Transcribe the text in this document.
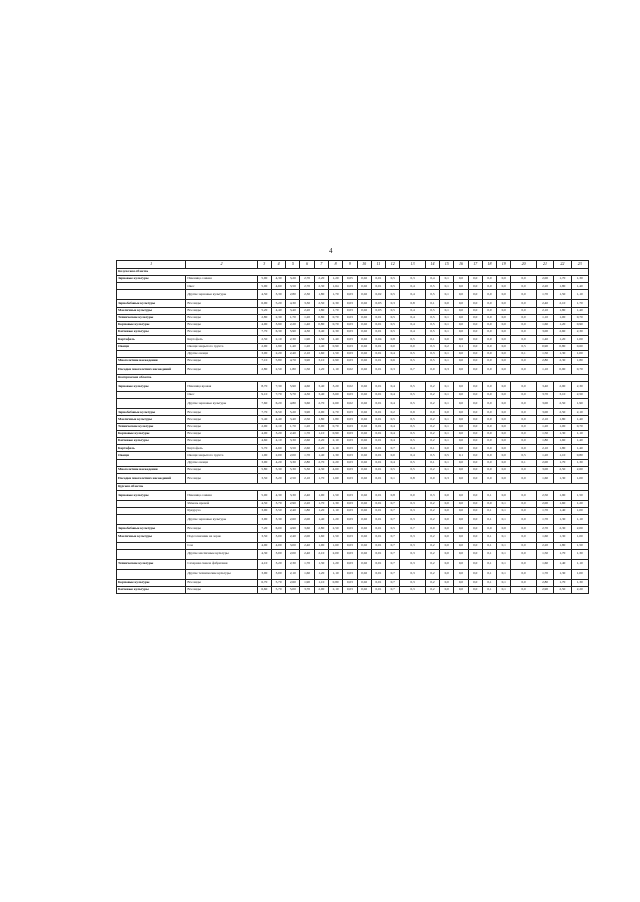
4
1	2	3	4	5	6	7	8	9	10	11	12	13	14	15	16	17	18	19	20	21	22	23
Калужская область																						
Зерновые культуры	Пшеница озимая	5,90	4,30	3,20	2,70	2,20	1,20	0,05	0,02	0,01	0,5	0,3	0,4	0,1	0,0	0,0	0,0	0,0	0,0	2,00	1,70	1,30
	Овес	5,90	4,60	3,50	2,70	2,30	1,64	0,03	0,02	0,01	0,5	0,4	0,5	0,1	0,0	0,0	0,0	0,0	0,0	2,20	1,80	1,40
	Другие зерновые культуры	4,50	3,30	2,80	2,30	1,80	1,70	0,03	0,02	0,02	0,5	0,4	0,5	0,1	0,0	0,0	0,0	0,0	0,0	1,70	1,50	1,10
Зернобобовые культуры	Все виды	6,90	5,20	4,30	3,30	2,50	2,30	0,03	0,02	0,03	0,3	0,8	0,1	0,0	0,0	0,0	0,0	0,0	0,0	2,40	2,10	1,70
Масличные культуры	Все виды	5,20	4,40	3,40	2,20	1,80	1,70	0,03	0,02	0,03	0,5	0,4	0,5	0,1	0,0	0,0	0,0	0,0	0,0	2,10	1,80	1,40
Технические культуры	Все виды	2,80	2,30	1,70	1,20	0,80	0,70	0,03	0,02	0,01	0,5	0,4	0,5	0,1	0,0	0,0	0,0	0,0	0,0	1,10	1,00	0,70
Кормовые культуры	Все виды	4,90	3,90	2,20	1,40	0,80	0,70	0,03	0,02	0,01	0,5	0,4	0,5	0,1	0,0	0,0	0,0	0,0	0,0	1,60	1,20	0,90
Бахчевые культуры	Все виды	7,70	6,30	5,90	4,30	3,40	2,30	0,03	0,02	0,01	0,5	0,4	0,5	0,1	0,0	0,0	0,0	0,0	0,0	3,00	2,60	2,30
Картофель	Картофель	2,50	2,10	2,30	1,90	1,50	1,40	0,03	0,02	0,04	0,8	0,5	0,1	0,0	0,0	0,0	0,0	0,0	0,0	1,40	1,20	1,00
Овощи	Овощи закрытого грунта	2,90	1,90	1,40	1,20	1,40	0,90	0,03	0,02	0,01	0,0	0,0	0,3	0,2	0,1	0,0	0,0	0,0	0,5	0,90	0,80	0,60
	Другие овощи	3,00	2,20	2,40	2,10	1,60	1,50	0,03	0,02	0,01	0,4	0,5	0,3	0,1	0,0	0,0	0,0	0,0	0,1	1,50	1,30	1,00
Многолетние насаждения	Все виды	7,10	5,80	4,70	3,90	3,10	2,90	0,03	0,02	0,01	0,6	0,5	0,5	0,1	0,0	0,0	0,0	0,0	0,0	2,80	2,30	1,80
Посадки многолетних насаждений	Все виды	2,80	2,50	1,80	1,50	1,20	1,10	0,02	0,02	0,01	0,3	0,7	0,0	0,3	0,0	0,0	0,0	0,0	0,0	1,10	0,90	0,70
Костромская область																						
Зерновые культуры	Пшеница яровая	8,70	7,30	5,90	4,60	3,40	3,20	0,02	0,02	0,01	0,4	0,5	0,2	0,1	0,0	0,0	0,0	0,0	0,0	3,40	2,90	2,30
	Овес	9,10	7,70	5,70	4,30	3,40	3,60	0,03	0,02	0,01	0,4	0,5	0,2	0,1	0,0	0,0	0,0	0,0	0,0	3,70	3,10	2,50
	Другие зерновые культуры	7,60	6,20	4,80	3,60	2,70	2,60	0,02	0,02	0,01	0,4	0,5	0,2	0,1	0,0	0,0	0,0	0,0	0,0	3,00	2,50	1,90
Зернобобовые культуры	Все виды	7,70	6,50	5,20	3,90	2,90	2,70	0,03	0,02	0,01	0,2	0,9	0,0	0,0	0,0	0,0	0,0	0,0	0,0	3,00	2,50	2,10
Масличные культуры	Все виды	5,40	4,40	3,40	2,50	1,80	1,80	0,03	0,02	0,01	0,5	0,5	0,2	0,1	0,0	0,0	0,0	0,0	0,0	2,10	1,80	1,40
Технические культуры	Все виды	2,90	2,10	1,70	1,20	0,90	0,70	0,03	0,02	0,01	0,4	0,5	0,2	0,1	0,0	0,0	0,0	0,0	0,0	1,20	1,00	0,70
Кормовые культуры	Все виды	4,00	3,20	2,40	1,70	1,10	0,90	0,03	0,02	0,01	0,4	0,5	0,2	0,1	0,0	0,0	0,0	0,0	0,0	1,50	1,30	1,10
Бахчевые культуры	Все виды	4,60	4,10	3,30	2,60	2,20	2,10	0,03	0,02	0,01	0,4	0,5	0,2	0,1	0,0	0,0	0,0	0,0	0,0	1,80	1,60	1,40
Картофель	Картофель	5,70	4,60	3,50	2,60	2,20	2,10	0,03	0,02	0,01	0,7	0,4	0,1	0,0	0,0	0,0	0,0	0,0	0,0	2,10	1,80	1,40
Овощи	Овощи закрытого грунта	1,90	2,00	2,00	1,70	1,40	1,30	0,03	0,02	0,01	0,0	0,4	0,5	0,5	0,1	0,0	0,0	0,0	0,5	1,20	1,10	0,80
	Другие овощи	3,90	4,20	3,30	2,80	2,70	2,20	0,03	0,02	0,01	0,4	0,5	0,1	0,1	0,0	0,0	0,0	0,0	0,1	2,00	1,70	1,30
Многолетние насаждения	Все виды	5,80	5,30	5,30	5,30	4,30	4,60	0,03	0,02	0,01	0,5	0,5	0,2	0,1	0,0	0,0	0,0	0,0	0,0	3,00	2,50	2,60
Посадки многолетних насаждений	Все виды	3,50	3,20	2,50	2,10	1,70	1,60	0,03	0,02	0,01	0,1	0,8	0,0	0,3	0,0	0,0	0,0	0,0	0,0	1,60	1,30	1,00
Курская область																						
Зерновые культуры	Пшеница озимая	5,00	4,30	3,30	2,40	1,90	1,50	0,03	0,02	0,01	0,8	0,0	0,3	0,0	0,0	0,0	0,1	0,0	0,0	2,50	1,90	1,50
	Ячмень яровой	4,50	3,70	2,90	2,20	1,70	1,30	0,03	0,02	0,01	0,7	0,3	0,2	0,0	0,0	0,0	0,0	0,1	0,0	2,00	1,60	1,20
	Кукуруза	3,90	3,50	2,40	1,80	1,20	1,10	0,03	0,02	0,01	0,7	0,3	0,2	0,0	0,0	0,0	0,1	0,1	0,0	1,70	1,40	1,00
	Другие зерновые культуры	3,90	3,30	2,60	2,00	1,40	1,20	0,03	0,02	0,01	0,7	0,3	0,2	0,0	0,0	0,0	0,1	0,1	0,0	1,70	1,30	1,10
Зернобобовые культуры	Все виды	7,20	6,00	4,90	3,60	2,80	2,50	0,03	0,02	0,01	0,5	0,7	0,0	0,0	0,0	0,0	0,0	0,0	0,0	2,70	2,30	2,00
Масличные культуры	Подсолнечник на зерно	3,50	3,00	2,40	2,00	1,60	1,50	0,03	0,02	0,01	0,7	0,3	0,2	0,0	0,0	0,0	0,1	0,1	0,0	1,60	1,30	1,00
	Соя	4,90	4,00	3,00	2,40	1,90	1,60	0,03	0,02	0,01	0,7	0,3	0,2	0,0	0,0	0,0	0,1	0,1	0,0	2,20	1,80	1,50
	Другие масличные культуры	4,30	3,00	2,00	2,40	2,10	2,00	0,03	0,02	0,01	0,7	0,3	0,2	0,0	0,0	0,0	0,1	0,1	0,0	1,50	1,70	1,30
Технические культуры	Сахарная свекла фабричная	4,10	3,20	2,30	1,70	1,30	1,20	0,03	0,02	0,01	0,7	0,3	0,2	0,0	0,0	0,0	0,1	0,1	0,0	1,60	1,40	1,10
	Другие технические культуры	3,90	3,00	2,10	1,60	1,20	1,10	0,03	0,02	0,01	0,7	0,3	0,2	0,0	0,0	0,0	0,1	0,1	0,0	1,70	1,30	1,00
Кормовые культуры	Все виды	6,70	5,70	2,60	1,90	1,10	0,80	0,03	0,02	0,01	0,7	0,3	0,2	0,0	0,0	0,0	0,1	0,1	0,0	2,80	1,70	1,30
Бахчевые культуры	Все виды	6,60	5,70	5,00	3,70	2,90	2,10	0,03	0,02	0,01	0,7	0,3	0,2	0,0	0,0	0,0	0,1	0,1	0,0	2,90	2,50	2,20
